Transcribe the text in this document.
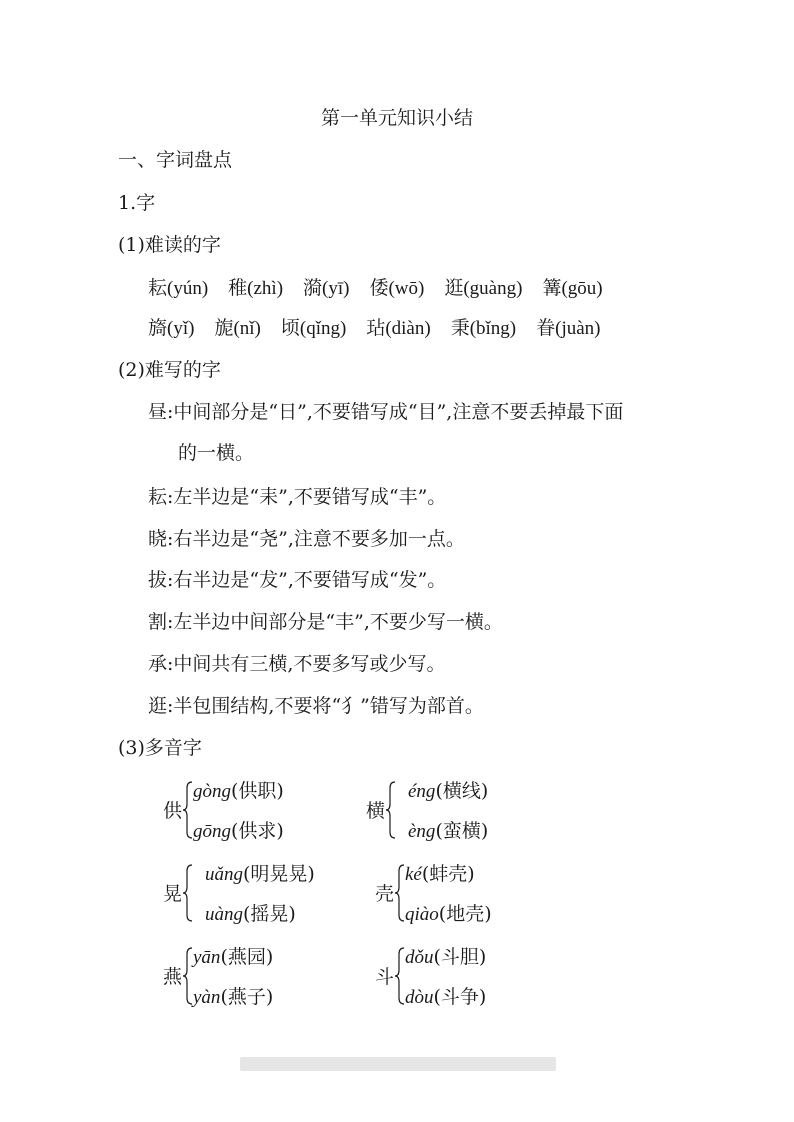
第一单元知识小结
一、字词盘点
1.字
(1)难读的字
耘(yún) 稚(zhì) 漪(yī) 倭(wō) 逛(guàng) 篝(gōu)
旖(yǐ) 旎(nǐ) 顷(qǐng) 玷(diàn) 秉(bǐng) 眷(juàn)
(2)难写的字
昼:中间部分是“日”,不要错写成“目”,注意不要丢掉最下面
的一横。
耘:左半边是“耒”,不要错写成“丰”。
晓:右半边是“尧”,注意不要多加一点。
拔:右半边是“犮”,不要错写成“发”。
割:左半边中间部分是“丰”,不要少写一横。
承:中间共有三横,不要多写或少写。
逛:半包围结构,不要将“犭”错写为部首。
(3)多音字
供
gòng(供职)
gōng(供求)
横
éng(横线)
èng(蛮横)
晃
uǎng(明晃晃)
uàng(摇晃)
壳
ké(蚌壳)
qiào(地壳)
燕
yān(燕园)
yàn(燕子)
斗
dǒu(斗胆)
dòu(斗争)
